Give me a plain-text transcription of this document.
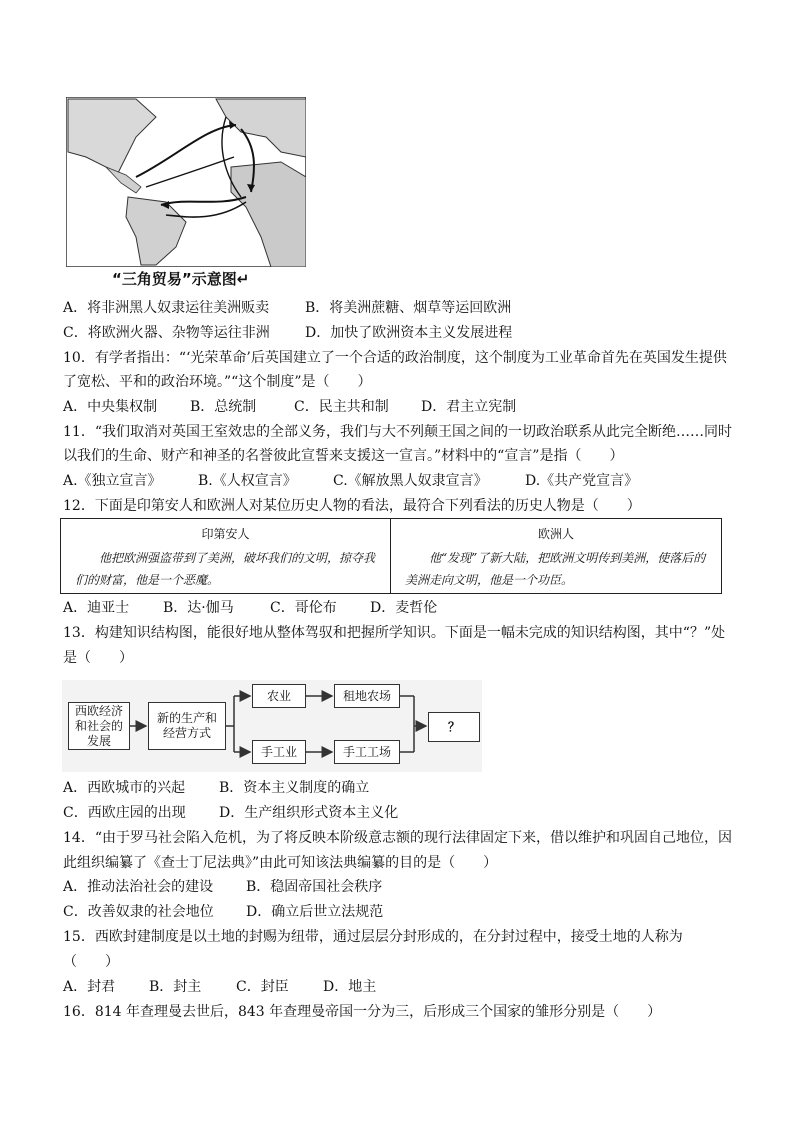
“三角贸易”示意图↵
A．将非洲黑人奴隶运往美洲贩卖	B．将美洲蔗糖、烟草等运回欧洲
C．将欧洲火器、杂物等运往非洲	D．加快了欧洲资本主义发展进程
10．有学者指出：“‘光荣革命’后英国建立了一个合适的政治制度，这个制度为工业革命首先在英国发生提供
了宽松、平和的政治环境。”“这个制度”是（　　）
A．中央集权制 B．总统制	C．民主共和制 D．君主立宪制
11．“我们取消对英国王室效忠的全部义务，我们与大不列颠王国之间的一切政治联系从此完全断绝……同时
以我们的生命、财产和神圣的名誉彼此宣誓来支援这一宣言。”材料中的“宣言”是指（　　）
A.《独立宣言》	B.《人权宣言》	C.《解放黑人奴隶宣言》	D.《共产党宣言》
12．下面是印第安人和欧洲人对某位历史人物的看法，最符合下列看法的历史人物是（　　）
印第安人
他把欧洲强盗带到了美洲，破坏我们的文明，掠夺我们的财富，他是一个恶魔。
欧洲人
他“发现”了新大陆，把欧洲文明传到美洲，使落后的美洲走向文明，他是一个功臣。
A．迪亚士 B．达·伽马	C．哥伦布 D．麦哲伦
13．构建知识结构图，能很好地从整体驾驭和把握所学知识。下面是一幅未完成的知识结构图，其中“？”处
是（　　）
西欧经济和社会的发展
新的生产和经营方式
农业	租地农场
手工业	手工工场
？
A．西欧城市的兴起 B．资本主义制度的确立
C．西欧庄园的出现 D．生产组织形式资本主义化
14．“由于罗马社会陷入危机，为了将反映本阶级意志额的现行法律固定下来，借以维护和巩固自己地位，因
此组织编纂了《查士丁尼法典》”由此可知该法典编纂的目的是（　　）
A．推动法治社会的建设 B．稳固帝国社会秩序
C．改善奴隶的社会地位 D．确立后世立法规范
15．西欧封建制度是以土地的封赐为纽带，通过层层分封形成的，在分封过程中，接受土地的人称为
（　　）
A．封君 B．封主 C．封臣 D．地主
16．814 年查理曼去世后，843 年查理曼帝国一分为三，后形成三个国家的雏形分别是（　　）
